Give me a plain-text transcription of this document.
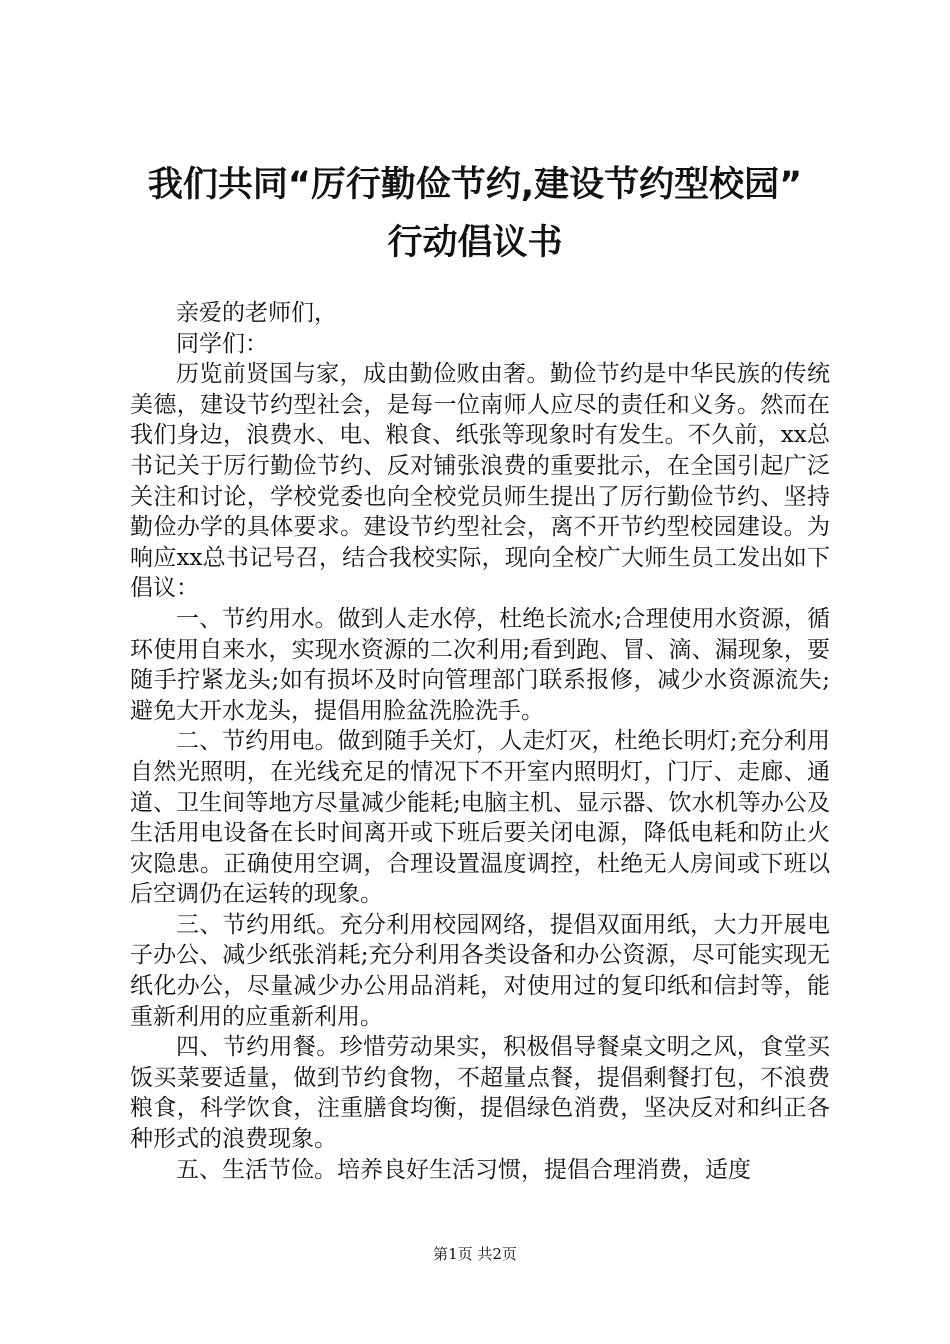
我们共同“厉行勤俭节约,建设节约型校园”
行动倡议书

亲爱的老师们，

同学们：

历览前贤国与家，成由勤俭败由奢。勤俭节约是中华民族的传统美德，建设节约型社会，是每一位南师人应尽的责任和义务。然而在我们身边，浪费水、电、粮食、纸张等现象时有发生。不久前，xx总书记关于厉行勤俭节约、反对铺张浪费的重要批示，在全国引起广泛关注和讨论，学校党委也向全校党员师生提出了厉行勤俭节约、坚持勤俭办学的具体要求。建设节约型社会，离不开节约型校园建设。为响应xx总书记号召，结合我校实际，现向全校广大师生员工发出如下倡议：

一、节约用水。做到人走水停，杜绝长流水;合理使用水资源，循环使用自来水，实现水资源的二次利用;看到跑、冒、滴、漏现象，要随手拧紧龙头;如有损坏及时向管理部门联系报修，减少水资源流失;避免大开水龙头，提倡用脸盆洗脸洗手。

二、节约用电。做到随手关灯，人走灯灭，杜绝长明灯;充分利用自然光照明，在光线充足的情况下不开室内照明灯，门厅、走廊、通道、卫生间等地方尽量减少能耗;电脑主机、显示器、饮水机等办公及生活用电设备在长时间离开或下班后要关闭电源，降低电耗和防止火灾隐患。正确使用空调，合理设置温度调控，杜绝无人房间或下班以后空调仍在运转的现象。

三、节约用纸。充分利用校园网络，提倡双面用纸，大力开展电子办公、减少纸张消耗;充分利用各类设备和办公资源，尽可能实现无纸化办公，尽量减少办公用品消耗，对使用过的复印纸和信封等，能重新利用的应重新利用。

四、节约用餐。珍惜劳动果实，积极倡导餐桌文明之风，食堂买饭买菜要适量，做到节约食物，不超量点餐，提倡剩餐打包，不浪费粮食，科学饮食，注重膳食均衡，提倡绿色消费，坚决反对和纠正各种形式的浪费现象。

五、生活节俭。培养良好生活习惯，提倡合理消费，适度

第1页 共2页
